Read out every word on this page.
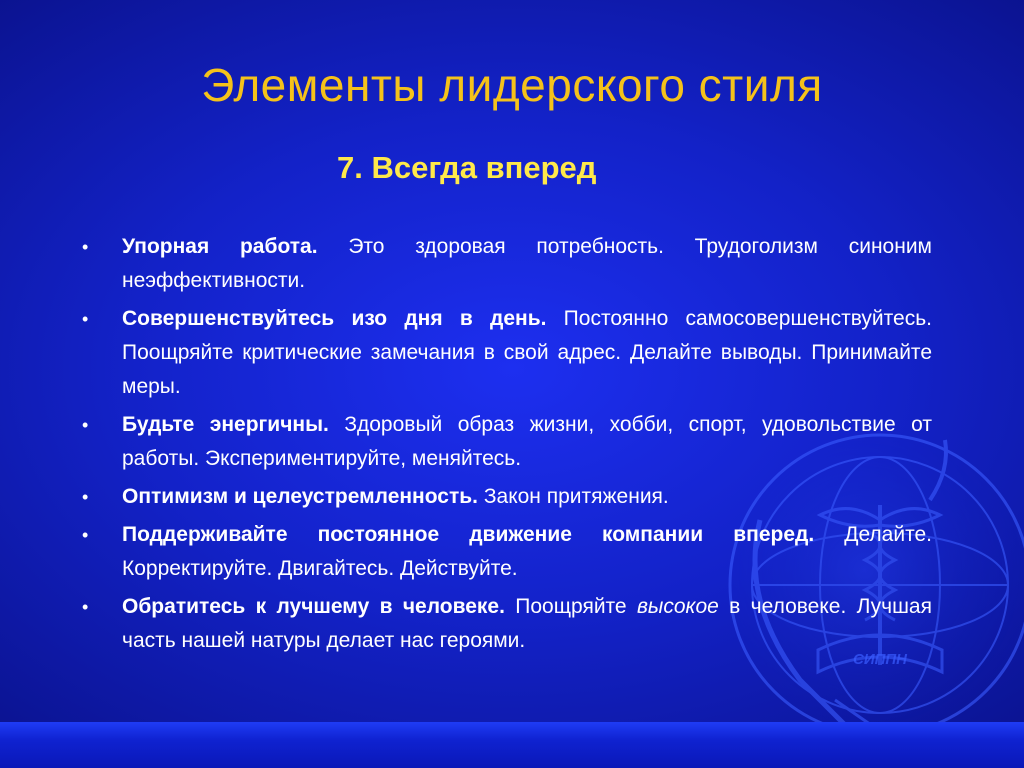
СИППН
Элементы лидерского стиля
7. Всегда вперед
• Упорная работа. Это здоровая потребность. Трудоголизм синоним неэффективности.
• Совершенствуйтесь изо дня в день. Постоянно самосовершенствуйтесь. Поощряйте критические замечания в свой адрес. Делайте выводы. Принимайте меры.
• Будьте энергичны. Здоровый образ жизни, хобби, спорт, удовольствие от работы. Экспериментируйте, меняйтесь.
• Оптимизм и целеустремленность. Закон притяжения.
• Поддерживайте постоянное движение компании вперед. Делайте. Корректируйте. Двигайтесь. Действуйте.
• Обратитесь к лучшему в человеке. Поощряйте высокое в человеке. Лучшая часть нашей натуры делает нас героями.
